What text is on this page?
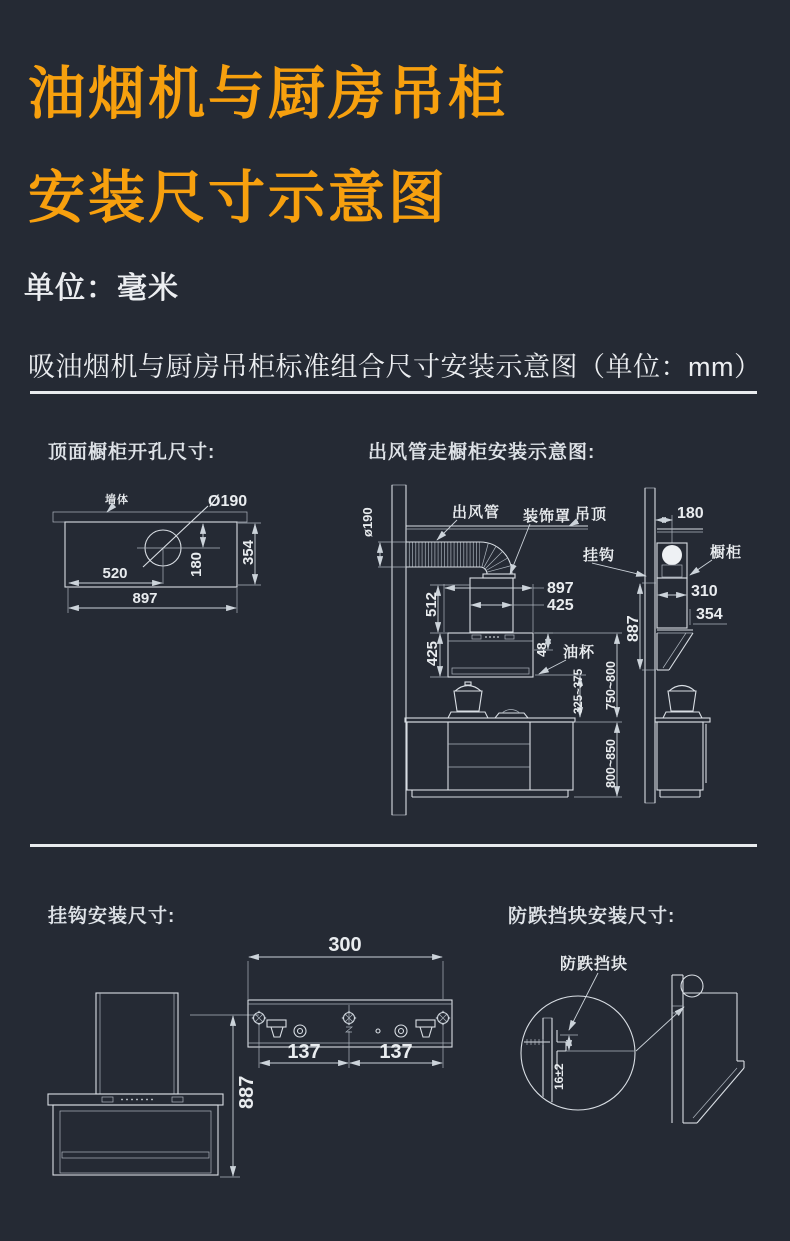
油烟机与厨房吊柜
安装尺寸示意图
单位：毫米
吸油烟机与厨房吊柜标准组合尺寸安装示意图（单位：mm）
顶面橱柜开孔尺寸:	出风管走橱柜安装示意图:
墙体	Ø190
180 354
520
897
吊顶
ø190	出风管 装饰罩
挂钩
897
425
512
425	48 油杯
325~375 750~800
800~850
180
橱柜
310
354
887
挂钩安装尺寸:	防跌挡块安装尺寸:
887
300
137	137
防跌挡块
16±2
